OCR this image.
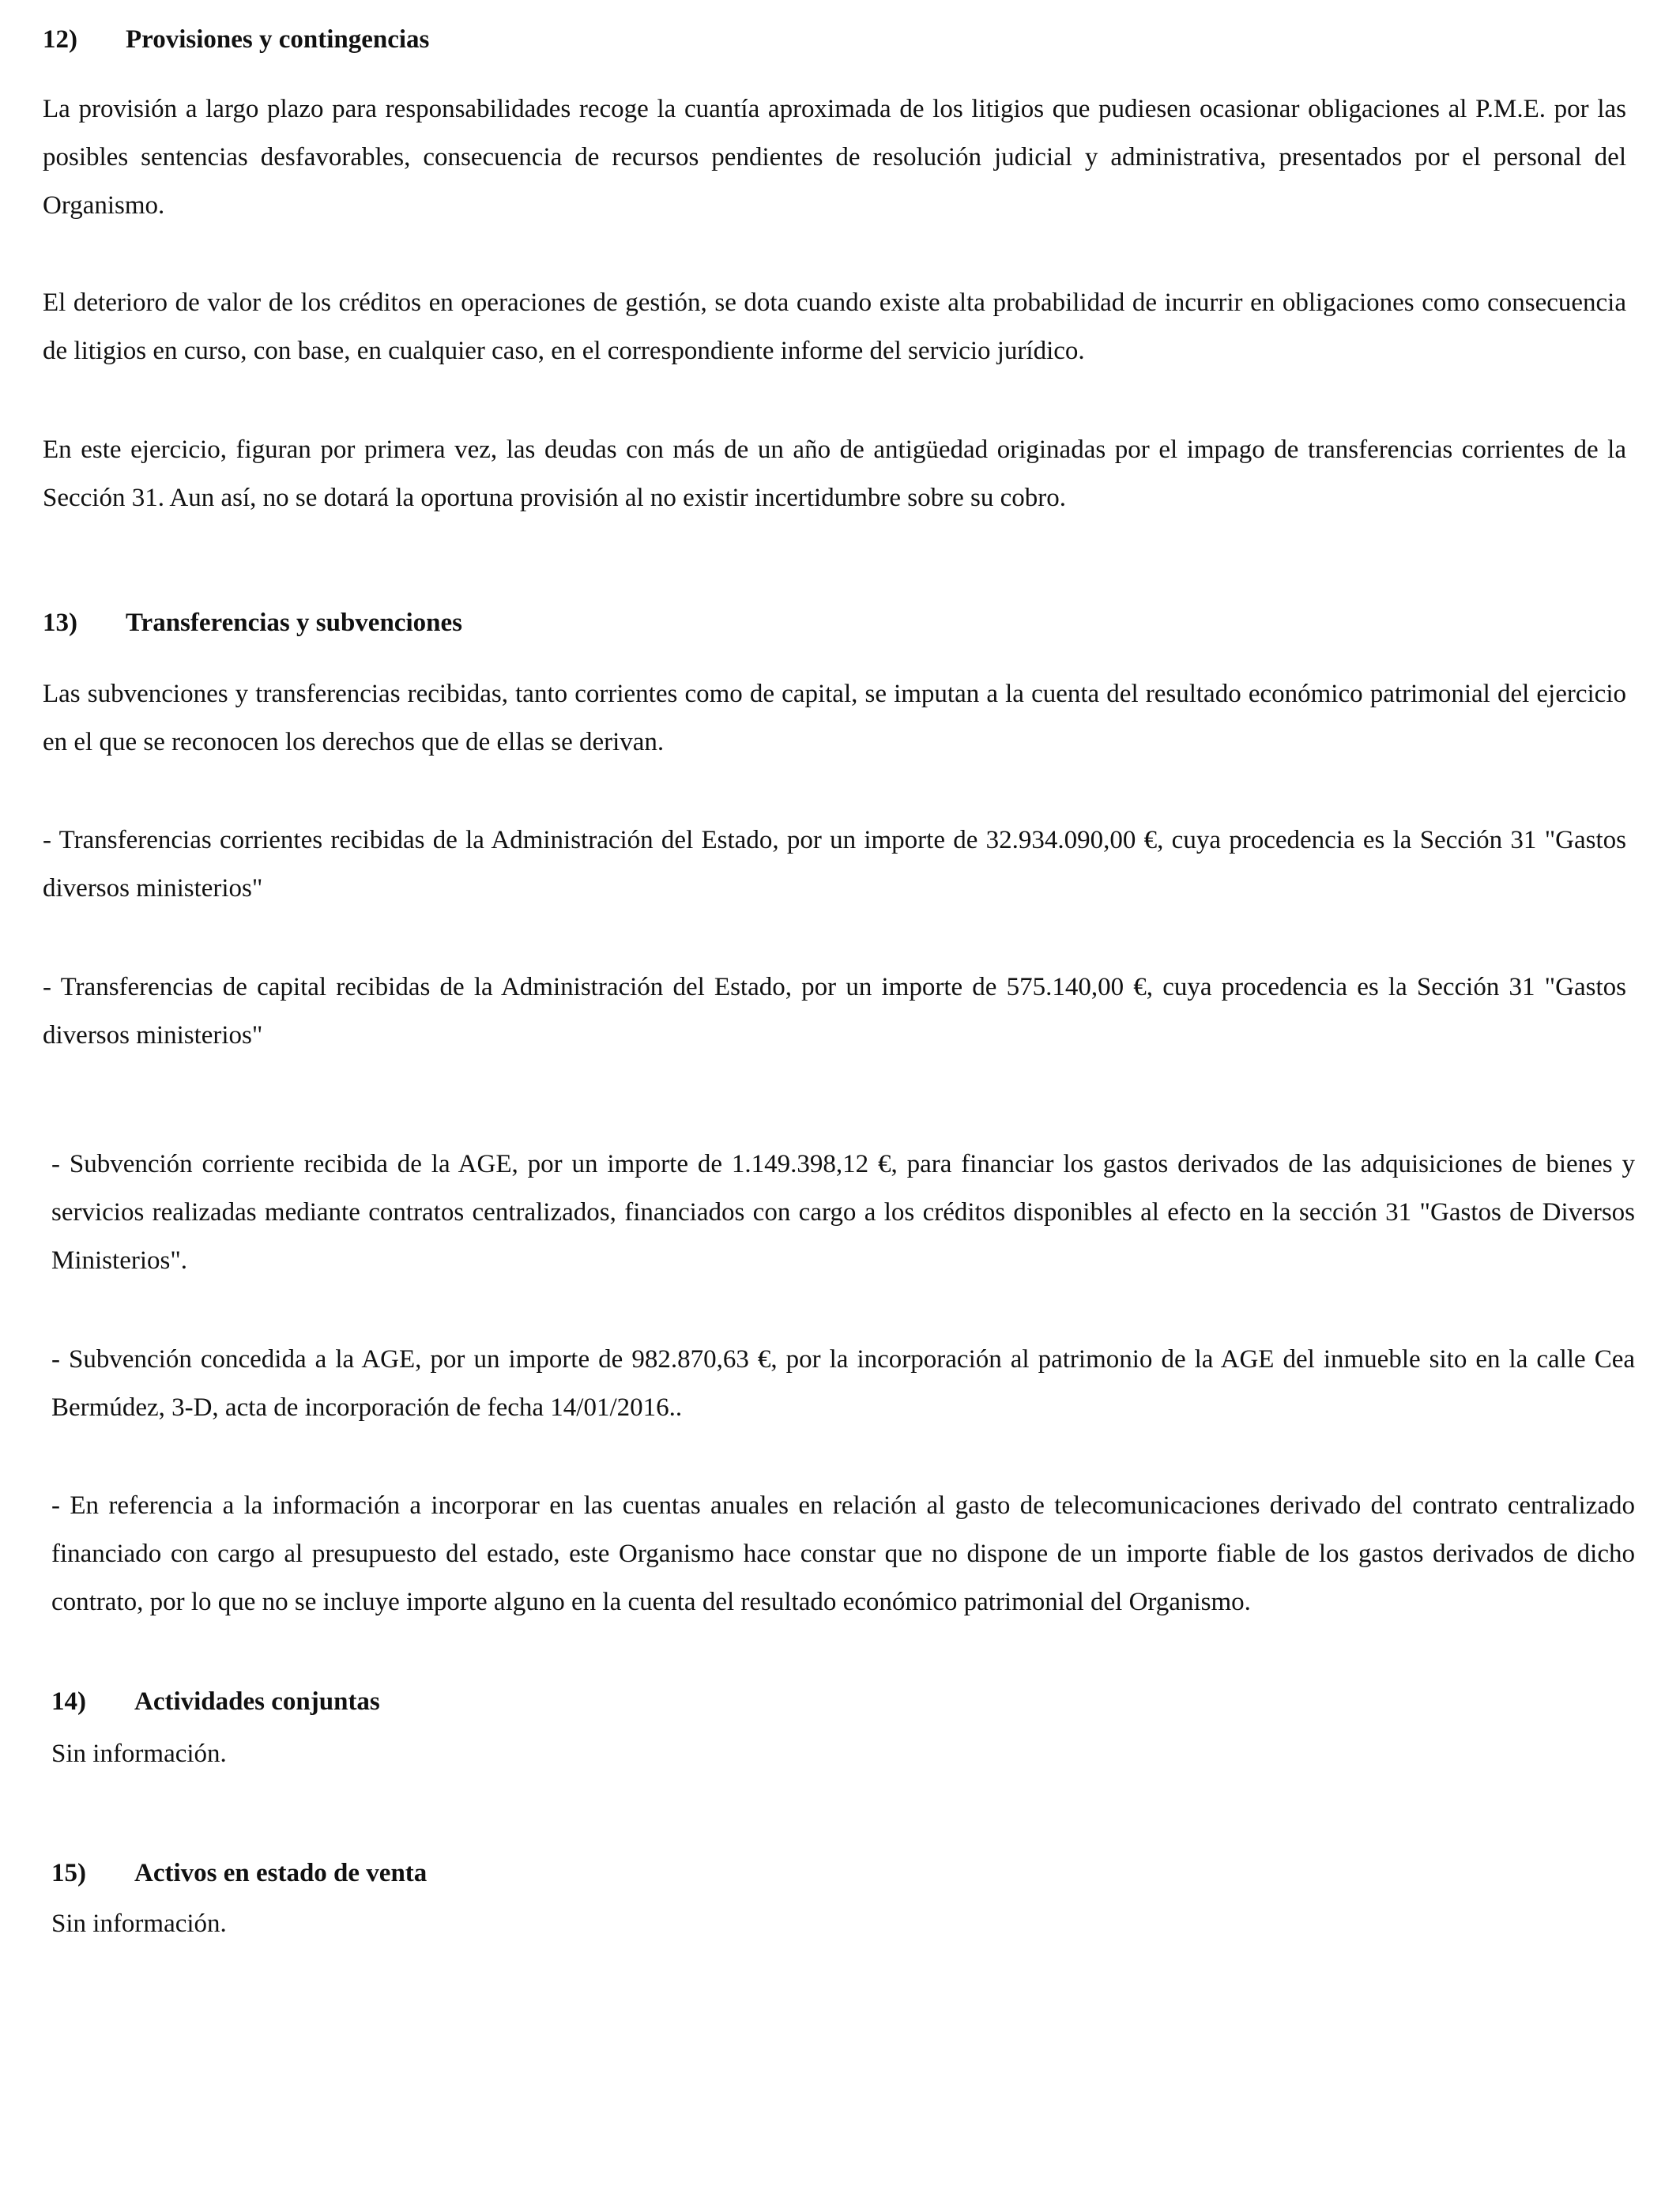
12) Provisiones y contingencias
La provisión a largo plazo para responsabilidades recoge la cuantía aproximada de los litigios que pudiesen ocasionar obligaciones al P.M.E. por las posibles sentencias desfavorables, consecuencia de recursos pendientes de resolución judicial y administrativa, presentados por el personal del Organismo.
El deterioro de valor de los créditos en operaciones de gestión, se dota cuando existe alta probabilidad de incurrir en obligaciones como consecuencia de litigios en curso, con base, en cualquier caso, en el correspondiente informe del servicio jurídico.
En este ejercicio, figuran por primera vez, las deudas con más de un año de antigüedad originadas por el impago de transferencias corrientes de la Sección 31. Aun así, no se dotará la oportuna provisión al no existir incertidumbre sobre su cobro.
13) Transferencias y subvenciones
Las subvenciones y transferencias recibidas, tanto corrientes como de capital, se imputan a la cuenta del resultado económico patrimonial del ejercicio en el que se reconocen los derechos que de ellas se derivan.
- Transferencias corrientes recibidas de la Administración del Estado, por un importe de 32.934.090,00 €, cuya procedencia es la Sección 31 "Gastos diversos ministerios"
- Transferencias de capital recibidas de la Administración del Estado, por un importe de 575.140,00 €, cuya procedencia es la Sección 31 "Gastos diversos ministerios"
- Subvención corriente recibida de la AGE, por un importe de 1.149.398,12 €, para financiar los gastos derivados de las adquisiciones de bienes y servicios realizadas mediante contratos centralizados, financiados con cargo a los créditos disponibles al efecto en la sección 31 "Gastos de Diversos Ministerios".
- Subvención concedida a la AGE, por un importe de 982.870,63 €, por la incorporación al patrimonio de la AGE del inmueble sito en la calle Cea Bermúdez, 3-D, acta de incorporación de fecha 14/01/2016..
- En referencia a la información a incorporar en las cuentas anuales en relación al gasto de telecomunicaciones derivado del contrato centralizado financiado con cargo al presupuesto del estado, este Organismo hace constar que no dispone de un importe fiable de los gastos derivados de dicho contrato, por lo que no se incluye importe alguno en la cuenta del resultado económico patrimonial del Organismo.
14) Actividades conjuntas
Sin información.
15) Activos en estado de venta
Sin información.
